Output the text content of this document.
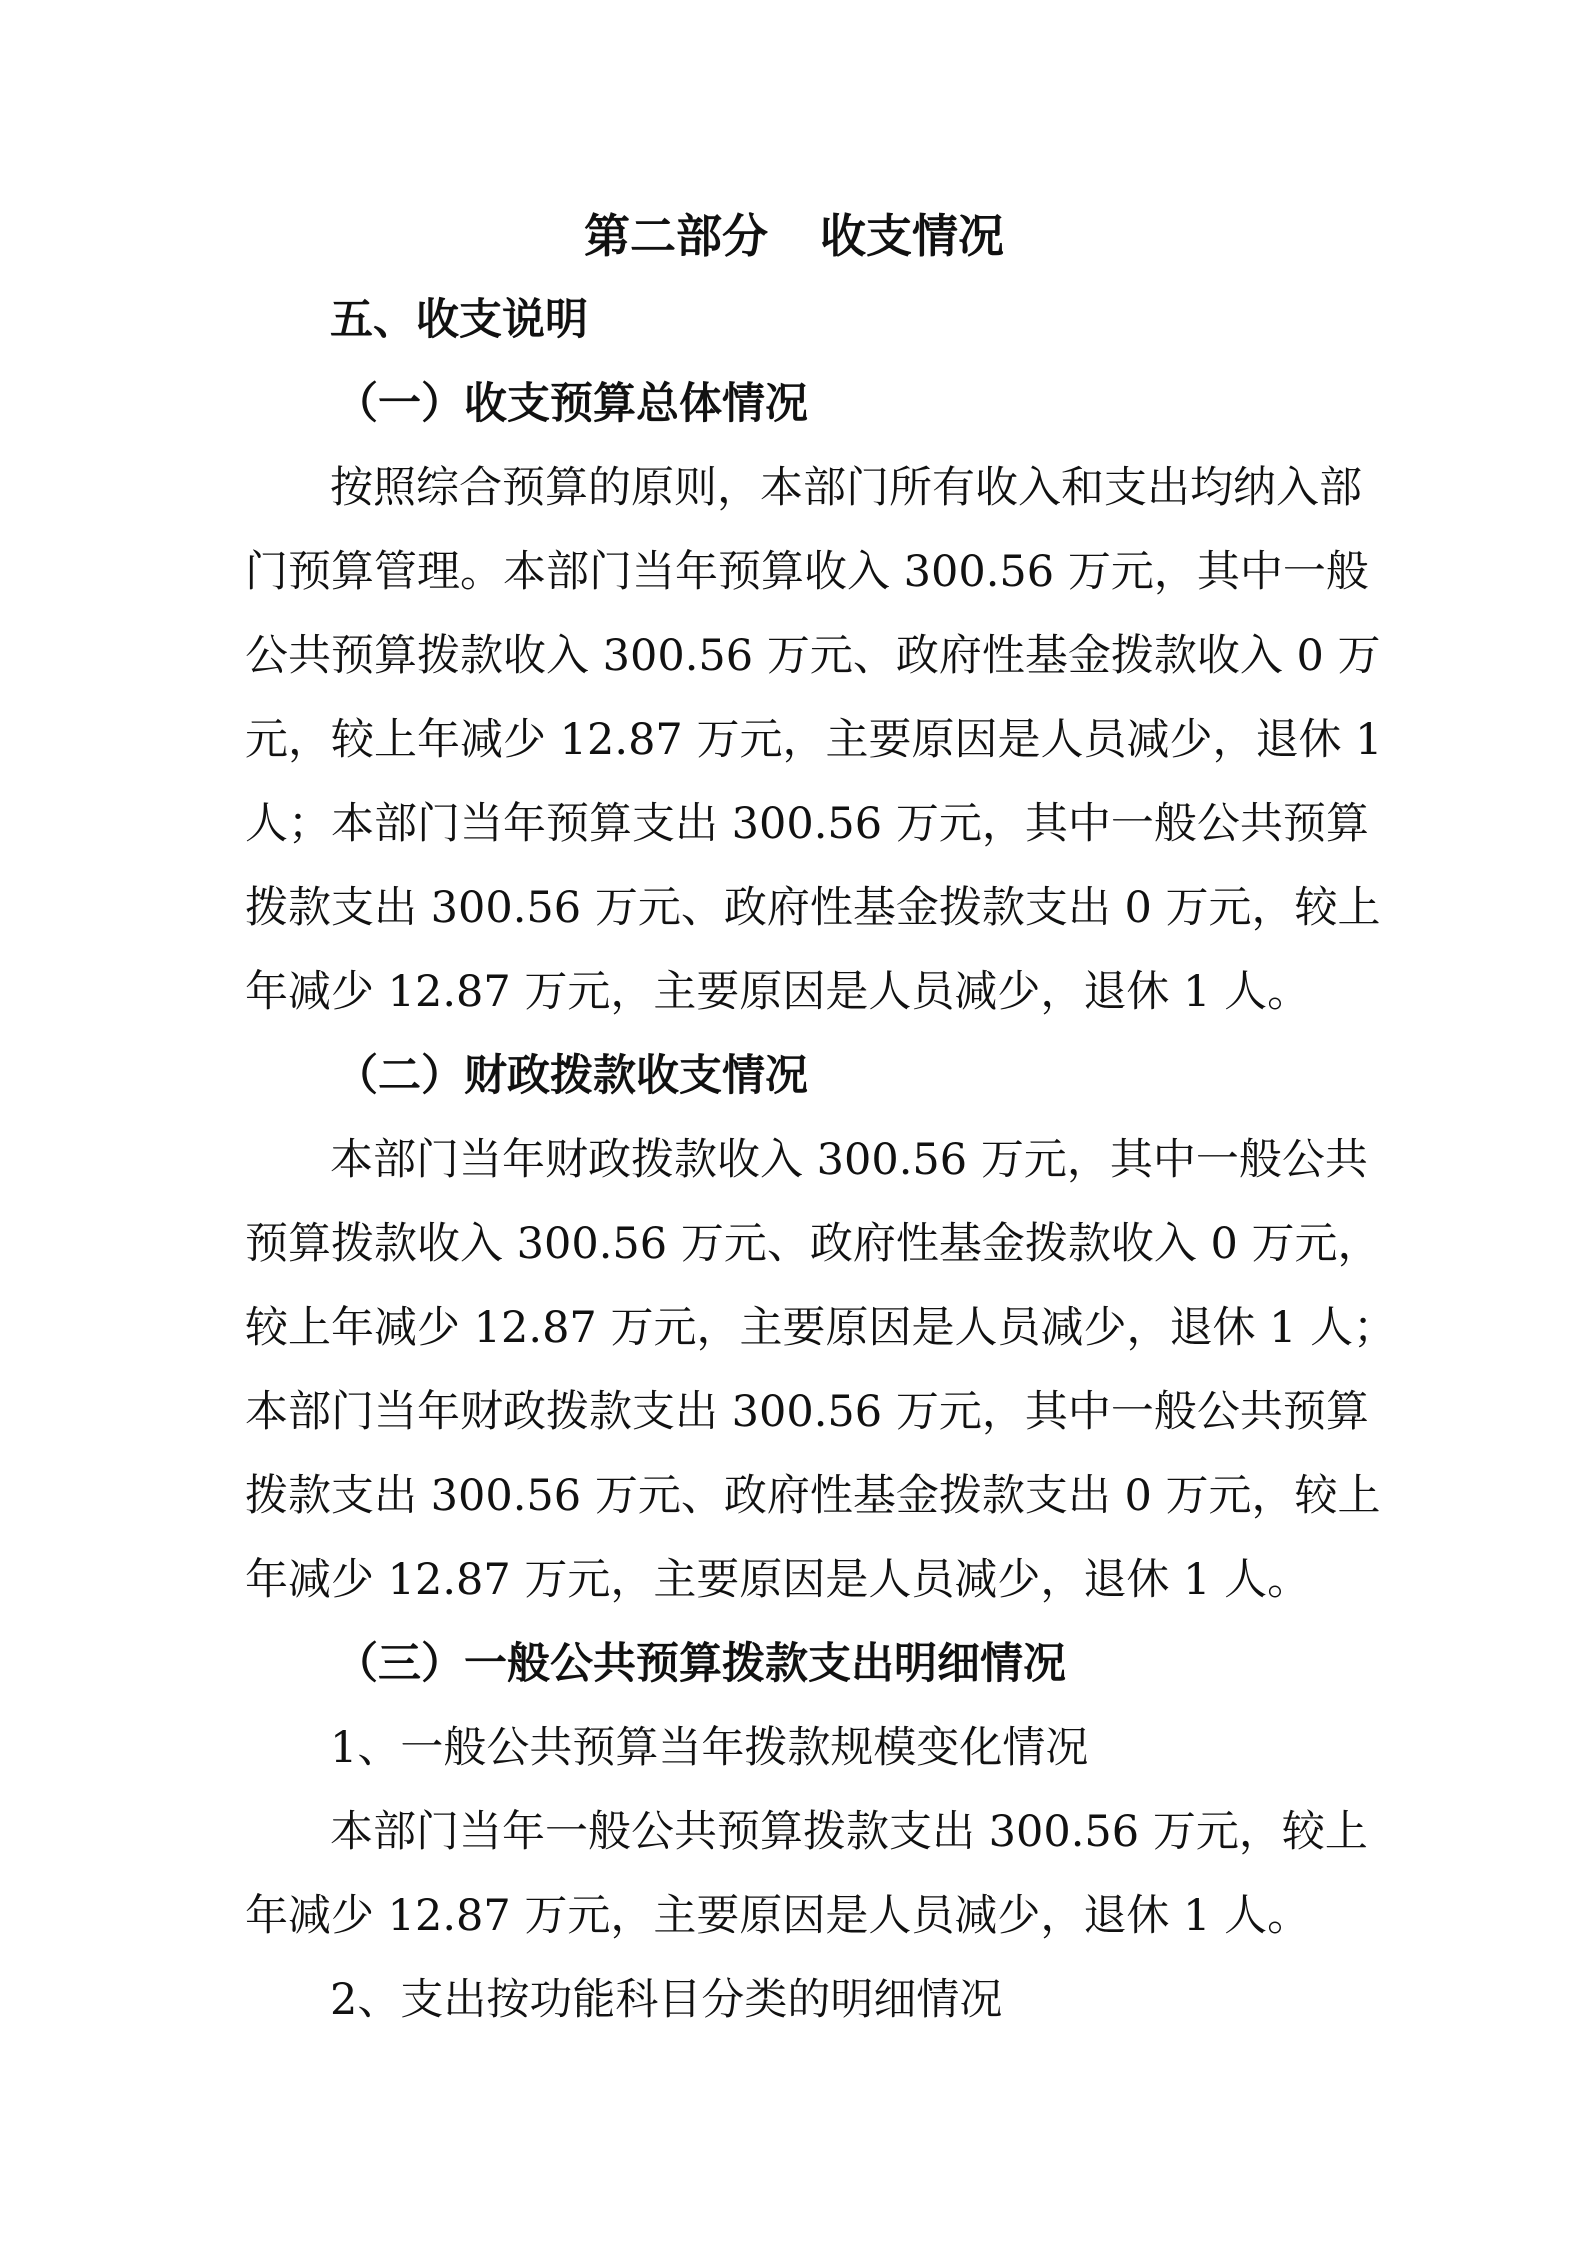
第二部分 收支情况
五、收支说明
（一）收支预算总体情况
按 照 综 合 预 算 的 原 则 ， 本 部 门 所 有 收 入 和 支 出 均 纳 入 部
门 预 算 管 理 。 本 部 门 当 年 预 算 收 入
3 0 0 . 5 6
万 元 ， 其 中 一 般
公 共 预 算 拨 款 收 入
3 0 0 . 5 6
万 元 、 政 府 性 基 金 拨 款 收 入
0
万
元 ， 较 上 年 减 少
1 2 . 8 7
万 元 ， 主 要 原 因 是 人 员 减 少 ， 退 休
1
人 ； 本 部 门 当 年 预 算 支 出
3 0 0 . 5 6
万 元 ， 其 中 一 般 公 共 预 算
拨 款 支 出
3 0 0 . 5 6
万 元 、 政 府 性 基 金 拨 款 支 出
0
万 元 ， 较 上
年减少 12.87 万元，主要原因是人员减少，退休 1 人。
（二）财政拨款收支情况
本 部 门 当 年 财 政 拨 款 收 入
3 0 0 . 5 6
万 元 ， 其 中 一 般 公 共
预 算 拨 款 收 入
3 0 0 . 5 6
万 元 、 政 府 性 基 金 拨 款 收 入
0
万 元 ，
较 上 年 减 少
1 2 . 8 7
万 元 ， 主 要 原 因 是 人 员 减 少 ， 退 休
1
人 ；
本 部 门 当 年 财 政 拨 款 支 出
3 0 0 . 5 6
万 元 ， 其 中 一 般 公 共 预 算
拨 款 支 出
3 0 0 . 5 6
万 元 、 政 府 性 基 金 拨 款 支 出
0
万 元 ， 较 上
年减少 12.87 万元，主要原因是人员减少，退休 1 人。
（三）一般公共预算拨款支出明细情况
1、一般公共预算当年拨款规模变化情况
本 部 门 当 年 一 般 公 共 预 算 拨 款 支 出
3 0 0 . 5 6
万 元 ， 较 上
年减少 12.87 万元，主要原因是人员减少，退休 1 人。
2、支出按功能科目分类的明细情况
